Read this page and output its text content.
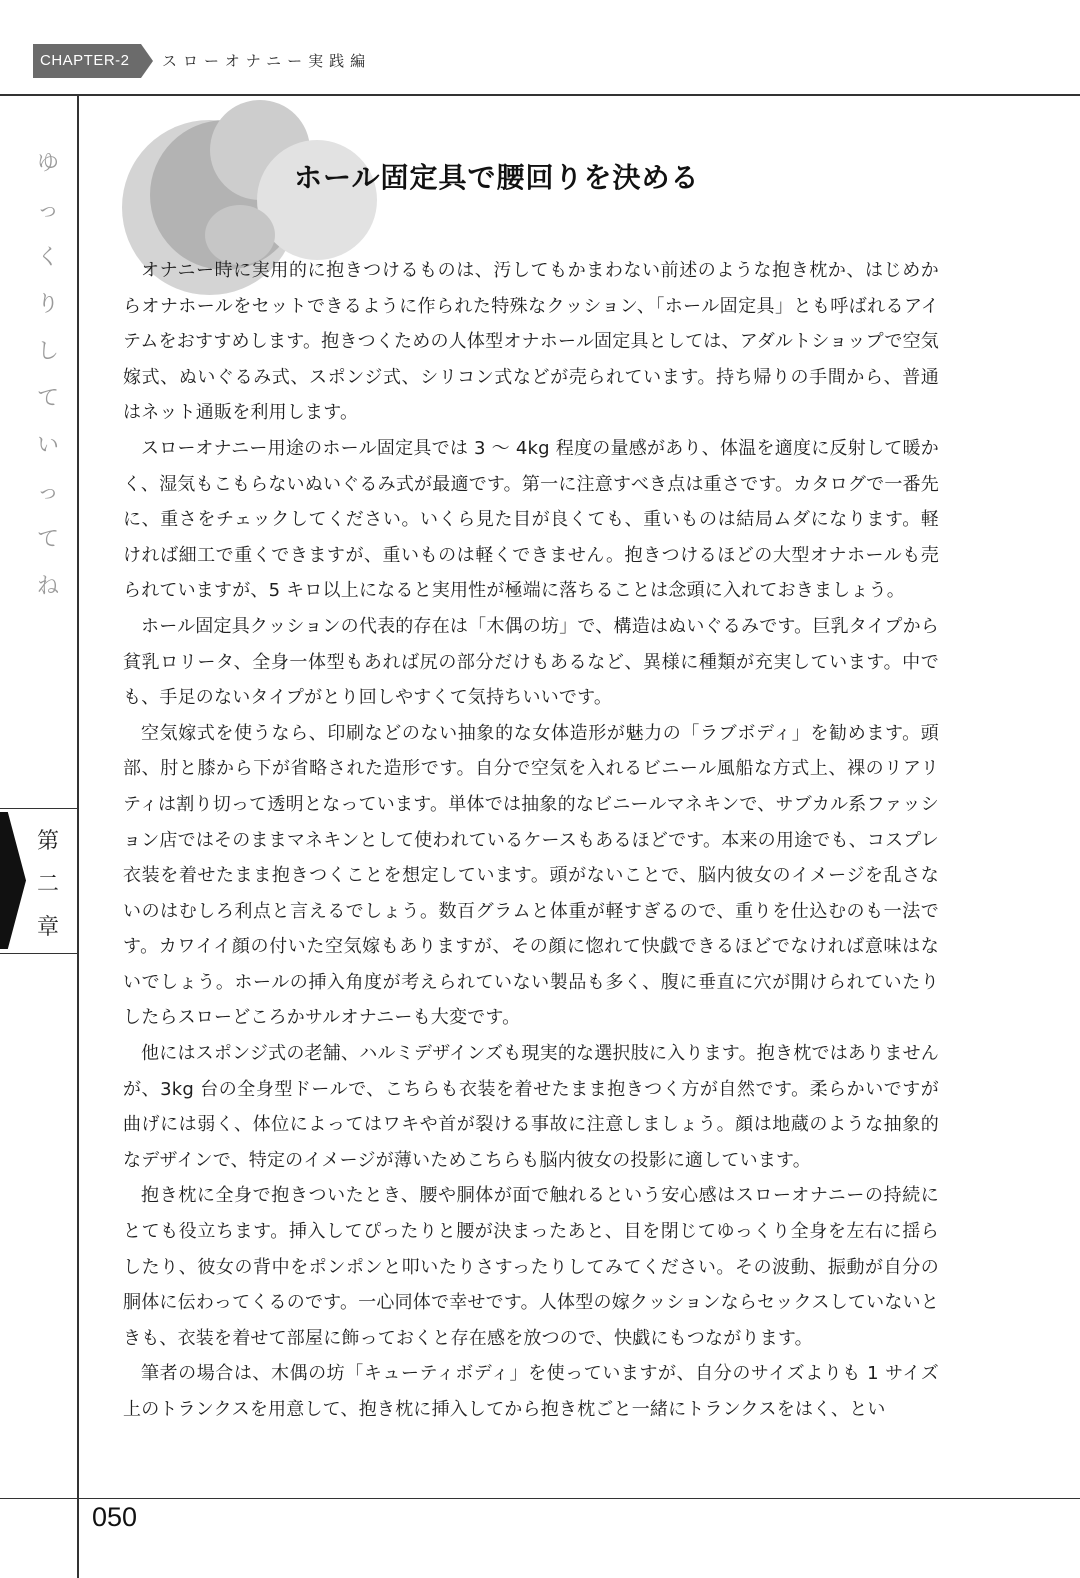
CHAPTER-2	スローオナニー実践編
ゆ
っ
く
り
し
て
い
っ
て
ね
第
二
章
ホール固定具で腰回りを決める

オナニー時に実用的に抱きつけるものは、汚してもかまわない前述のような抱き枕か、はじめからオナホールをセットできるように作られた特殊なクッション、「ホール固定具」とも呼ばれるアイテムをおすすめします。抱きつくための人体型オナホール固定具としては、アダルトショップで空気嫁式、ぬいぐるみ式、スポンジ式、シリコン式などが売られています。持ち帰りの手間から、普通はネット通販を利用します。

スローオナニー用途のホール固定具では 3 ～ 4kg 程度の量感があり、体温を適度に反射して暖かく、湿気もこもらないぬいぐるみ式が最適です。第一に注意すべき点は重さです。カタログで一番先に、重さをチェックしてください。いくら見た目が良くても、重いものは結局ムダになります。軽ければ細工で重くできますが、重いものは軽くできません。抱きつけるほどの大型オナホールも売られていますが、5 キロ以上になると実用性が極端に落ちることは念頭に入れておきましょう。

ホール固定具クッションの代表的存在は「木偶の坊」で、構造はぬいぐるみです。巨乳タイプから貧乳ロリータ、全身一体型もあれば尻の部分だけもあるなど、異様に種類が充実しています。中でも、手足のないタイプがとり回しやすくて気持ちいいです。

空気嫁式を使うなら、印刷などのない抽象的な女体造形が魅力の「ラブボディ」を勧めます。頭部、肘と膝から下が省略された造形です。自分で空気を入れるビニール風船な方式上、裸のリアリティは割り切って透明となっています。単体では抽象的なビニールマネキンで、サブカル系ファッション店ではそのままマネキンとして使われているケースもあるほどです。本来の用途でも、コスプレ衣装を着せたまま抱きつくことを想定しています。頭がないことで、脳内彼女のイメージを乱さないのはむしろ利点と言えるでしょう。数百グラムと体重が軽すぎるので、重りを仕込むのも一法です。カワイイ顔の付いた空気嫁もありますが、その顔に惚れて快戯できるほどでなければ意味はないでしょう。ホールの挿入角度が考えられていない製品も多く、腹に垂直に穴が開けられていたりしたらスローどころかサルオナニーも大変です。

他にはスポンジ式の老舗、ハルミデザインズも現実的な選択肢に入ります。抱き枕ではありませんが、3kg 台の全身型ドールで、こちらも衣装を着せたまま抱きつく方が自然です。柔らかいですが曲げには弱く、体位によってはワキや首が裂ける事故に注意しましょう。顔は地蔵のような抽象的なデザインで、特定のイメージが薄いためこちらも脳内彼女の投影に適しています。

抱き枕に全身で抱きついたとき、腰や胴体が面で触れるという安心感はスローオナニーの持続にとても役立ちます。挿入してぴったりと腰が決まったあと、目を閉じてゆっくり全身を左右に揺らしたり、彼女の背中をポンポンと叩いたりさすったりしてみてください。その波動、振動が自分の胴体に伝わってくるのです。一心同体で幸せです。人体型の嫁クッションならセックスしていないときも、衣装を着せて部屋に飾っておくと存在感を放つので、快戯にもつながります。

筆者の場合は、木偶の坊「キューティボディ」を使っていますが、自分のサイズよりも 1 サイズ上のトランクスを用意して、抱き枕に挿入してから抱き枕ごと一緒にトランクスをはく、とい

050
